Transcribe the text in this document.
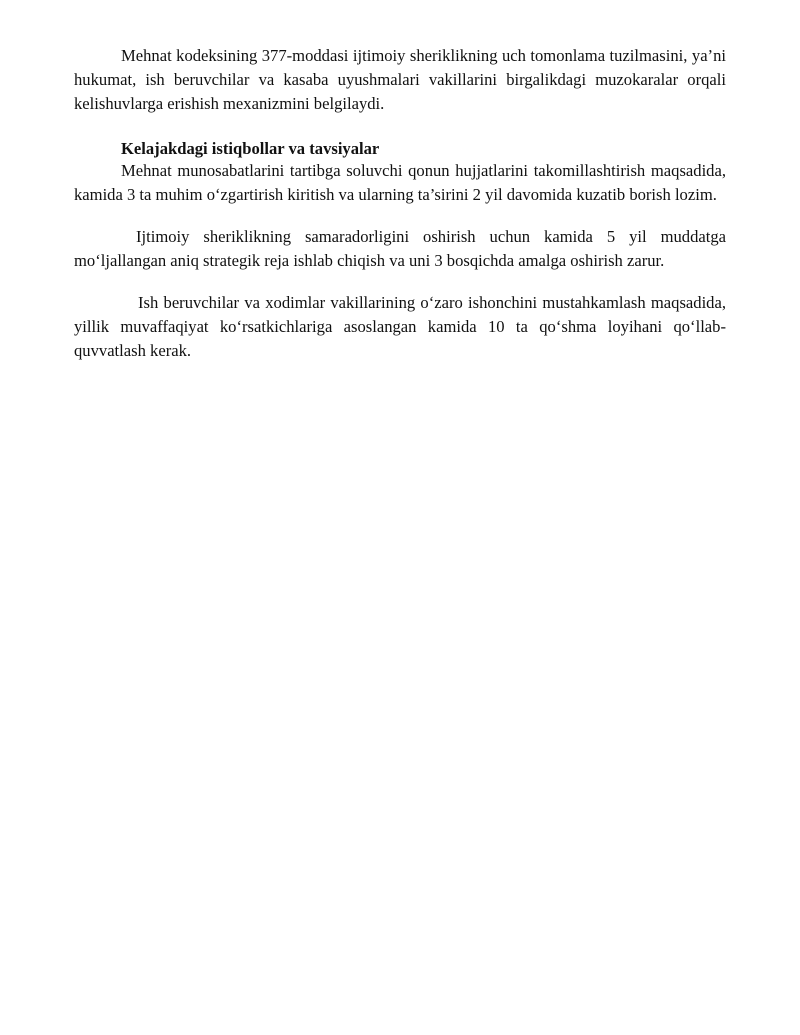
Mehnat kodeksining 377-moddasi ijtimoiy sheriklikning uch tomonlama tuzilmasini, ya’ni hukumat, ish beruvchilar va kasaba uyushmalari vakillarini birgalikdagi muzokaralar orqali kelishuvlarga erishish mexanizmini belgilaydi.

Kelajakdagi istiqbollar va tavsiyalar

Mehnat munosabatlarini tartibga soluvchi qonun hujjatlarini takomillashtirish maqsadida, kamida 3 ta muhim o‘zgartirish kiritish va ularning ta’sirini 2 yil davomida kuzatib borish lozim.

Ijtimoiy sheriklikning samaradorligini oshirish uchun kamida 5 yil muddatga mo‘ljallangan aniq strategik reja ishlab chiqish va uni 3 bosqichda amalga oshirish zarur.

Ish beruvchilar va xodimlar vakillarining o‘zaro ishonchini mustahkamlash maqsadida, yillik muvaffaqiyat ko‘rsatkichlariga asoslangan kamida 10 ta qo‘shma loyihani qo‘llab-quvvatlash kerak.
